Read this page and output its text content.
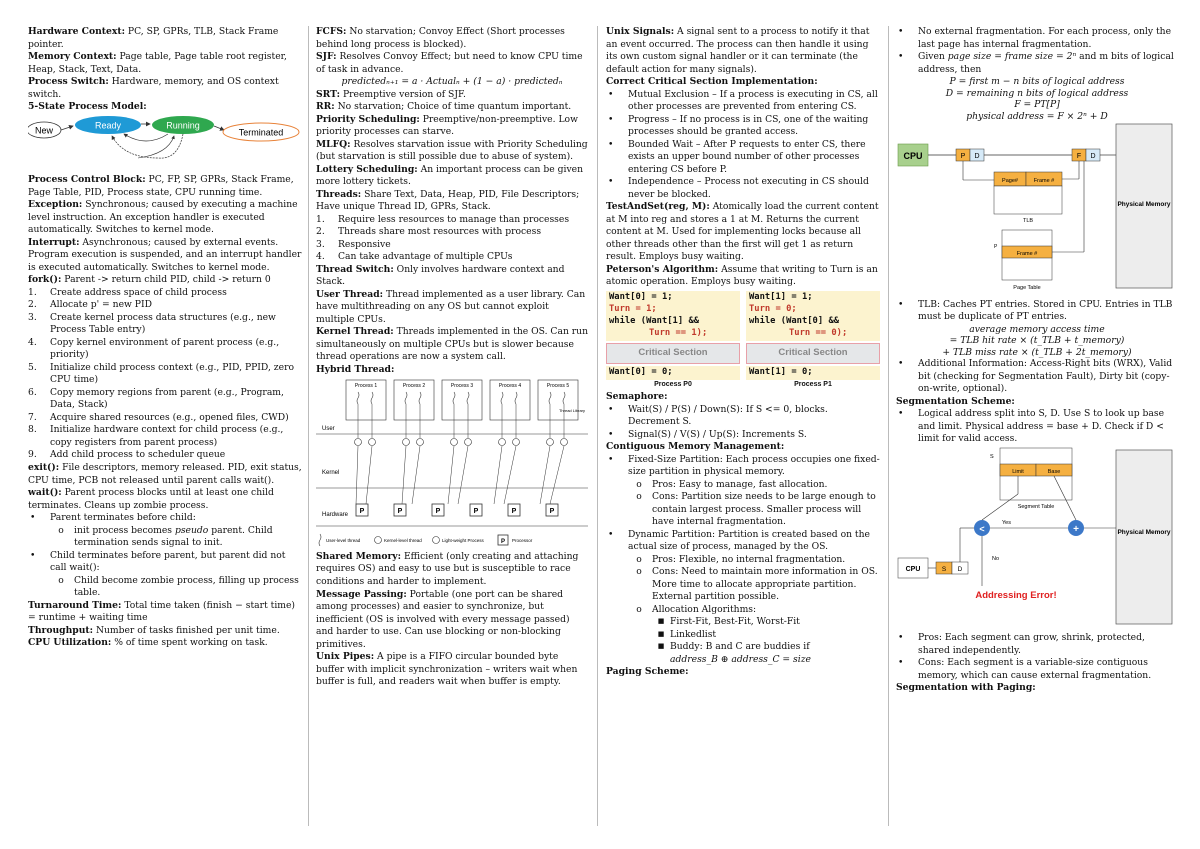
Hardware Context: PC, SP, GPRs, TLB, Stack Frame pointer.

Memory Context: Page table, Page table root register, Heap, Stack, Text, Data.

Process Switch: Hardware, memory, and OS context switch.

5-State Process Model:

New	Ready	Running
Terminated

Process Control Block: PC, FP, SP, GPRs, Stack Frame, Page Table, PID, Process state, CPU running time.

Exception: Synchronous; caused by executing a machine level instruction. An exception handler is executed automatically. Switches to kernel mode.

Interrupt: Asynchronous; caused by external events. Program execution is suspended, and an interrupt handler is executed automatically. Switches to kernel mode.

fork(): Parent -> return child PID, child -> return 0

1.	Create address space of child process
2.	Allocate p' = new PID
3.	Create kernel process data structures (e.g., new Process Table entry)
4.	Copy kernel environment of parent process (e.g., priority)
5.	Initialize child process context (e.g., PID, PPID, zero CPU time)
6.	Copy memory regions from parent (e.g., Program, Data, Stack)
7.	Acquire shared resources (e.g., opened files, CWD)
8.	Initialize hardware context for child process (e.g., copy registers from parent process)
9.	Add child process to scheduler queue

exit(): File descriptors, memory released. PID, exit status, CPU time, PCB not released until parent calls wait().

wait(): Parent process blocks until at least one child terminates. Cleans up zombie process.

•	Parent terminates before child:
o	init process becomes pseudo parent. Child termination sends signal to init.
•	Child terminates before parent, but parent did not call wait():
o	Child become zombie process, filling up process table.

Turnaround Time: Total time taken (finish − start time) = runtime + waiting time

Throughput: Number of tasks finished per unit time.

CPU Utilization: % of time spent working on task.

FCFS: No starvation; Convoy Effect (Short processes behind long process is blocked).

SJF: Resolves Convoy Effect; but need to know CPU time of task in advance.

predictedₙ₊₁ = a · Actualₙ + (1 − a) · predictedₙ

SRT: Preemptive version of SJF.

RR: No starvation; Choice of time quantum important.

Priority Scheduling: Preemptive/non-preemptive. Low priority processes can starve.

MLFQ: Resolves starvation issue with Priority Scheduling (but starvation is still possible due to abuse of system).

Lottery Scheduling: An important process can be given more lottery tickets.

Threads: Share Text, Data, Heap, PID, File Descriptors; Have unique Thread ID, GPRs, Stack.

1.	Require less resources to manage than processes
2.	Threads share most resources with process
3.	Responsive
4.	Can take advantage of multiple CPUs

Thread Switch: Only involves hardware context and Stack.

User Thread: Thread implemented as a user library. Can have multithreading on any OS but cannot exploit multiple CPUs.

Kernel Thread: Threads implemented in the OS. Can run simultaneously on multiple CPUs but is slower because thread operations are now a system call.

Hybrid Thread:

User
Kernel
Hardware
Process 1	Process 2	Process 3	Process 4	Process 5
Thread Library
P	P	P	P	P	P
User-level thread	Kernel-level thread	Light-weight Process	P Processor

Shared Memory: Efficient (only creating and attaching requires OS) and easy to use but is susceptible to race conditions and harder to implement.

Message Passing: Portable (one port can be shared among processes) and easier to synchronize, but inefficient (OS is involved with every message passed) and harder to use. Can use blocking or non-blocking primitives.

Unix Pipes: A pipe is a FIFO circular bounded byte buffer with implicit synchronization – writers wait when buffer is full, and readers wait when buffer is empty.

Unix Signals: A signal sent to a process to notify it that an event occurred. The process can then handle it using its own custom signal handler or it can terminate (the default action for many signals).

Correct Critical Section Implementation:

•	Mutual Exclusion – If a process is executing in CS, all other processes are prevented from entering CS.
•	Progress – If no process is in CS, one of the waiting processes should be granted access.
•	Bounded Wait – After P requests to enter CS, there exists an upper bound number of other processes entering CS before P.
•	Independence – Process not executing in CS should never be blocked.

TestAndSet(reg, M): Atomically load the current content at M into reg and stores a 1 at M. Returns the current content at M. Used for implementing locks because all other threads other than the first will get 1 as return result. Employs busy waiting.

Peterson's Algorithm: Assume that writing to Turn is an atomic operation. Employs busy waiting.

Want[0] = 1;
Turn = 1;
while (Want[1] &&
Turn == 1);
Critical Section
Want[0] = 0;
Process P0
Want[1] = 1;
Turn = 0;
while (Want[0] &&
Turn == 0);
Critical Section
Want[1] = 0;
Process P1

Semaphore:

•	Wait(S) / P(S) / Down(S): If S <= 0, blocks. Decrement S.
•	Signal(S) / V(S) / Up(S): Increments S.

Contiguous Memory Management:

•	Fixed-Size Partition: Each process occupies one fixed-size partition in physical memory.
o	Pros: Easy to manage, fast allocation.
o	Cons: Partition size needs to be large enough to contain largest process. Smaller process will have internal fragmentation.
•	Dynamic Partition: Partition is created based on the actual size of process, managed by the OS.
o	Pros: Flexible, no internal fragmentation.
o	Cons: Need to maintain more information in OS. More time to allocate appropriate partition. External partition possible.
o	Allocation Algorithms:
■ First-Fit, Best-Fit, Worst-Fit
■ Linkedlist
■ Buddy: B and C are buddies if

address_B ⊕ address_C = size

Paging Scheme:

•	No external fragmentation. For each process, only the last page has internal fragmentation.
•	Given page size = frame size = 2ⁿ and m bits of logical address, then
P = first m − n bits of logical address
D = remaining n bits of logical address
F = PT[P]
physical address = F × 2ⁿ + D
CPU	P D	F D
Physical Memory
Page#	Frame #
TLB
P
Frame #
Page Table
•	TLB: Caches PT entries. Stored in CPU. Entries in TLB must be duplicate of PT entries.
average memory access time
= TLB hit rate × (t_TLB + t_memory)
+ TLB miss rate × (t_TLB + 2t_memory)
•	Additional Information: Access-Right bits (WRX), Valid bit (checking for Segmentation Fault), Dirty bit (copy-on-write, optional).

Segmentation Scheme:

•	Logical address split into S, D. Use S to look up base and limit. Physical address = base + D. Check if D < limit for valid access.
Physical Memory
S
Limit	Base
Segment Table
CPU	S D
<
Yes
+
No
Addressing Error!
•	Pros: Each segment can grow, shrink, protected, shared independently.
•	Cons: Each segment is a variable-size contiguous memory, which can cause external fragmentation.

Segmentation with Paging:
